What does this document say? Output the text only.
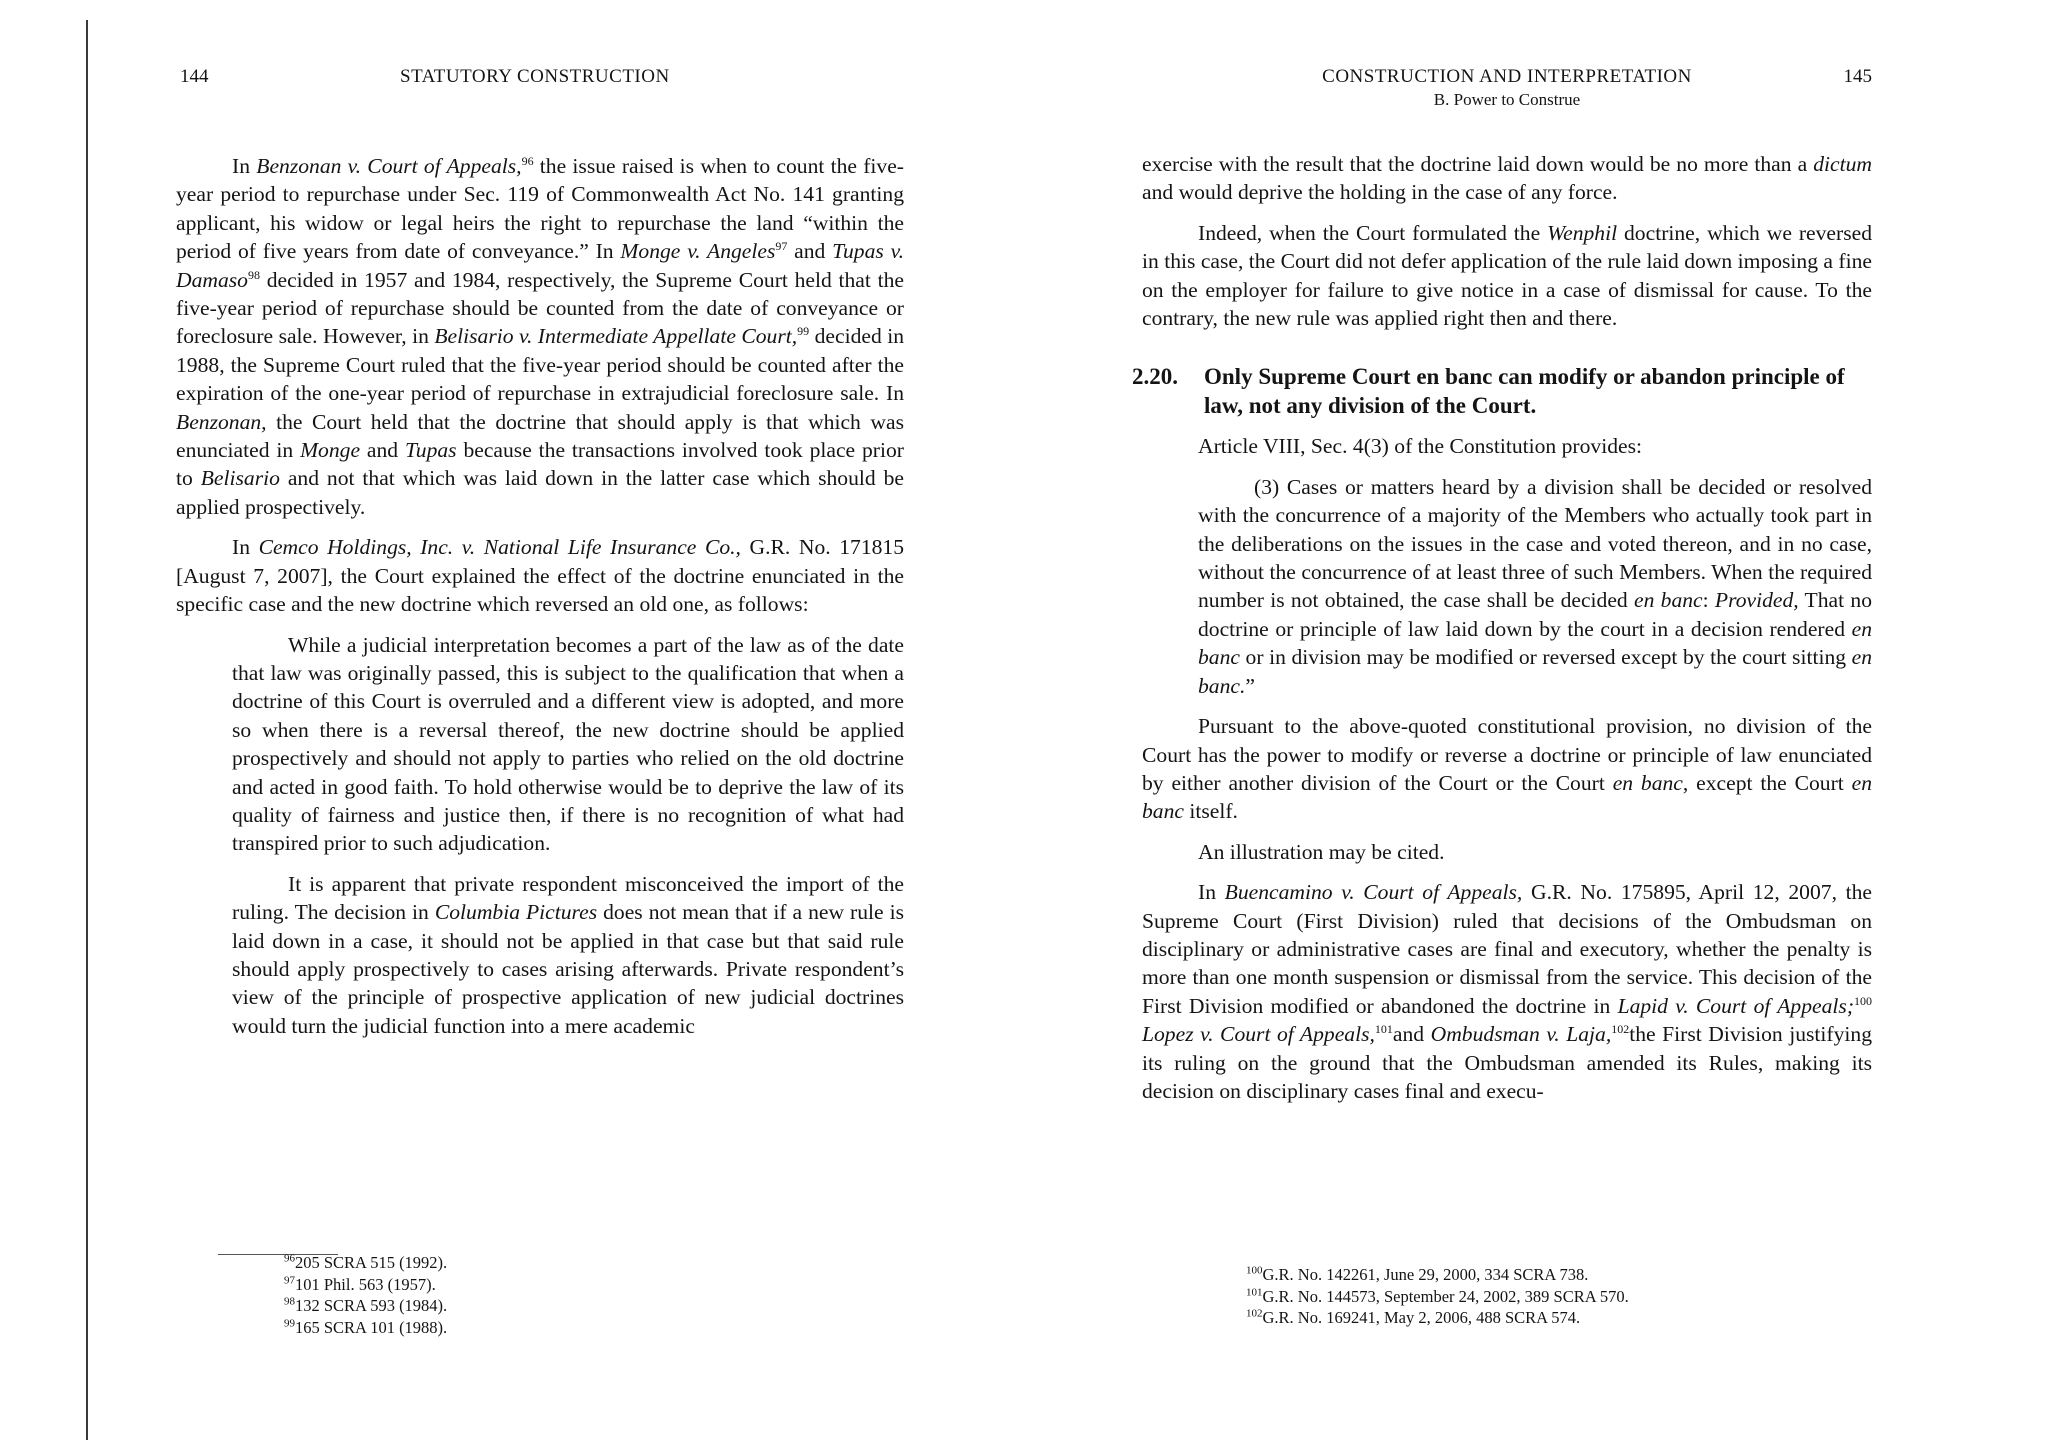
144	STATUTORY CONSTRUCTION

In Benzonan v. Court of Appeals,$^{96}$ the issue raised is when to count the five-year period to repurchase under Sec. 119 of Commonwealth Act No. 141 granting applicant, his widow or legal heirs the right to repurchase the land “within the period of five years from date of conveyance.” In Monge v. Angeles$^{97}$ and Tupas v. Damaso$^{98}$ decided in 1957 and 1984, respectively, the Supreme Court held that the five-year period of repurchase should be counted from the date of conveyance or foreclosure sale. However, in Belisario v. Intermediate Appellate Court,$^{99}$ decided in 1988, the Supreme Court ruled that the five-year period should be counted after the expiration of the one-year period of repurchase in extrajudicial foreclosure sale. In Benzonan, the Court held that the doctrine that should apply is that which was enunciated in Monge and Tupas because the transactions involved took place prior to Belisario and not that which was laid down in the latter case which should be applied prospectively.

In Cemco Holdings, Inc. v. National Life Insurance Co., G.R. No. 171815 [August 7, 2007], the Court explained the effect of the doctrine enunciated in the specific case and the new doctrine which reversed an old one, as follows:

While a judicial interpretation becomes a part of the law as of the date that law was originally passed, this is subject to the qualification that when a doctrine of this Court is overruled and a different view is adopted, and more so when there is a reversal thereof, the new doctrine should be applied prospectively and should not apply to parties who relied on the old doctrine and acted in good faith. To hold otherwise would be to deprive the law of its quality of fairness and justice then, if there is no recognition of what had transpired prior to such adjudication.

It is apparent that private respondent misconceived the import of the ruling. The decision in Columbia Pictures does not mean that if a new rule is laid down in a case, it should not be applied in that case but that said rule should apply prospectively to cases arising afterwards. Private respondent’s view of the principle of prospective application of new judicial doctrines would turn the judicial function into a mere academic

$^{96}$205 SCRA 515 (1992).

$^{97}$101 Phil. 563 (1957).

$^{98}$132 SCRA 593 (1984).

$^{99}$165 SCRA 101 (1988).

CONSTRUCTION AND INTERPRETATION
B. Power to Construe
145

exercise with the result that the doctrine laid down would be no more than a dictum and would deprive the holding in the case of any force.

Indeed, when the Court formulated the Wenphil doctrine, which we reversed in this case, the Court did not defer application of the rule laid down imposing a fine on the employer for failure to give notice in a case of dismissal for cause. To the contrary, the new rule was applied right then and there.

2.20.	Only Supreme Court en banc can modify or abandon principle of law, not any division of the Court.

Article VIII, Sec. 4(3) of the Constitution provides:

(3) Cases or matters heard by a division shall be decided or resolved with the concurrence of a majority of the Members who actually took part in the deliberations on the issues in the case and voted thereon, and in no case, without the concurrence of at least three of such Members. When the required number is not obtained, the case shall be decided en banc: Provided, That no doctrine or principle of law laid down by the court in a decision rendered en banc or in division may be modified or reversed except by the court sitting en banc.”

Pursuant to the above-quoted constitutional provision, no division of the Court has the power to modify or reverse a doctrine or principle of law enunciated by either another division of the Court or the Court en banc, except the Court en banc itself.

An illustration may be cited.

In Buencamino v. Court of Appeals, G.R. No. 175895, April 12, 2007, the Supreme Court (First Division) ruled that decisions of the Ombudsman on disciplinary or administrative cases are final and executory, whether the penalty is more than one month suspension or dismissal from the service. This decision of the First Division modified or abandoned the doctrine in Lapid v. Court of Appeals;$^{100}$ Lopez v. Court of Appeals,$^{101}$and Ombudsman v. Laja,$^{102}$the First Division justifying its ruling on the ground that the Ombudsman amended its Rules, making its decision on disciplinary cases final and execu-

$^{100}$G.R. No. 142261, June 29, 2000, 334 SCRA 738.

$^{101}$G.R. No. 144573, September 24, 2002, 389 SCRA 570.

$^{102}$G.R. No. 169241, May 2, 2006, 488 SCRA 574.
